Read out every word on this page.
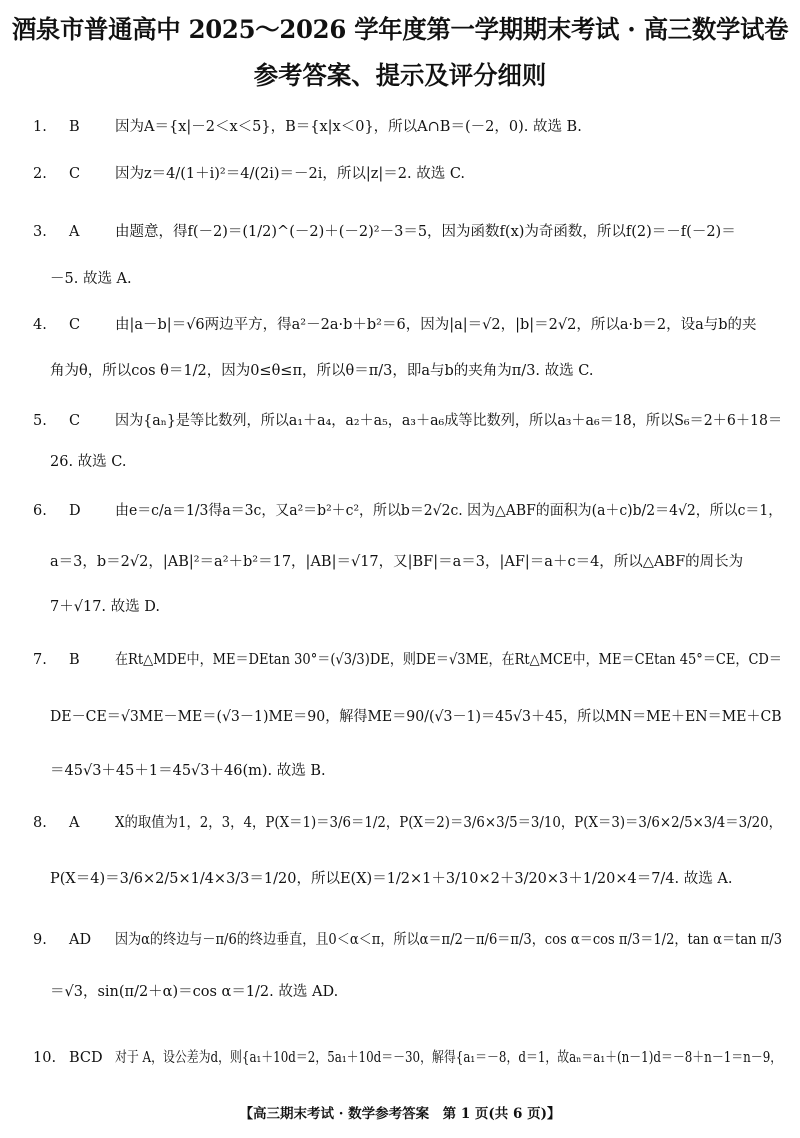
酒泉市普通高中 2025～2026 学年度第一学期期末考试 · 高三数学试卷
参考答案、提示及评分细则
1. B 因为A＝{x|－2＜x＜5}，B＝{x|x＜0}，所以A∩B＝(－2，0). 故选 B.
2. C 因为z＝4/(1＋i)²＝4/(2i)＝－2i，所以|z|＝2. 故选 C.
3. A 由题意，得f(－2)＝(1/2)^(－2)＋(－2)²－3＝5，因为函数f(x)为奇函数，所以f(2)＝－f(－2)＝
－5. 故选 A.
4. C 由|a－b|＝√6两边平方，得a²－2a·b＋b²＝6，因为|a|＝√2，|b|＝2√2，所以a·b＝2，设a与b的夹
角为θ，所以cos θ＝1/2，因为0≤θ≤π，所以θ＝π/3，即a与b的夹角为π/3. 故选 C.
5. C 因为{aₙ}是等比数列，所以a₁＋a₄，a₂＋a₅，a₃＋a₆成等比数列，所以a₃＋a₆＝18，所以S₆＝2＋6＋18＝
26. 故选 C.
6. D 由e＝c/a＝1/3得a＝3c，又a²＝b²＋c²，所以b＝2√2c. 因为△ABF的面积为(a＋c)b/2＝4√2，所以c＝1，
a＝3，b＝2√2，|AB|²＝a²＋b²＝17，|AB|＝√17，又|BF|＝a＝3，|AF|＝a＋c＝4，所以△ABF的周长为
7＋√17. 故选 D.
7. B 在Rt△MDE中，ME＝DEtan 30°＝(√3/3)DE，则DE＝√3ME，在Rt△MCE中，ME＝CEtan 45°＝CE，CD＝
DE－CE＝√3ME－ME＝(√3－1)ME＝90，解得ME＝90/(√3－1)＝45√3＋45，所以MN＝ME＋EN＝ME＋CB
＝45√3＋45＋1＝45√3＋46(m). 故选 B.
8. A X的取值为1，2，3，4，P(X＝1)＝3/6＝1/2，P(X＝2)＝3/6×3/5＝3/10，P(X＝3)＝3/6×2/5×3/4＝3/20，
P(X＝4)＝3/6×2/5×1/4×3/3＝1/20，所以E(X)＝1/2×1＋3/10×2＋3/20×3＋1/20×4＝7/4. 故选 A.
9. AD 因为α的终边与－π/6的终边垂直，且0＜α＜π，所以α＝π/2－π/6＝π/3，cos α＝cos π/3＝1/2，tan α＝tan π/3
＝√3，sin(π/2＋α)＝cos α＝1/2. 故选 AD.
10. BCD 对于 A，设公差为d，则{a₁＋10d＝2，5a₁＋10d＝－30，解得{a₁＝－8，d＝1，故aₙ＝a₁＋(n－1)d＝－8＋n－1＝n－9，
【高三期末考试 · 数学参考答案　第 1 页(共 6 页)】
